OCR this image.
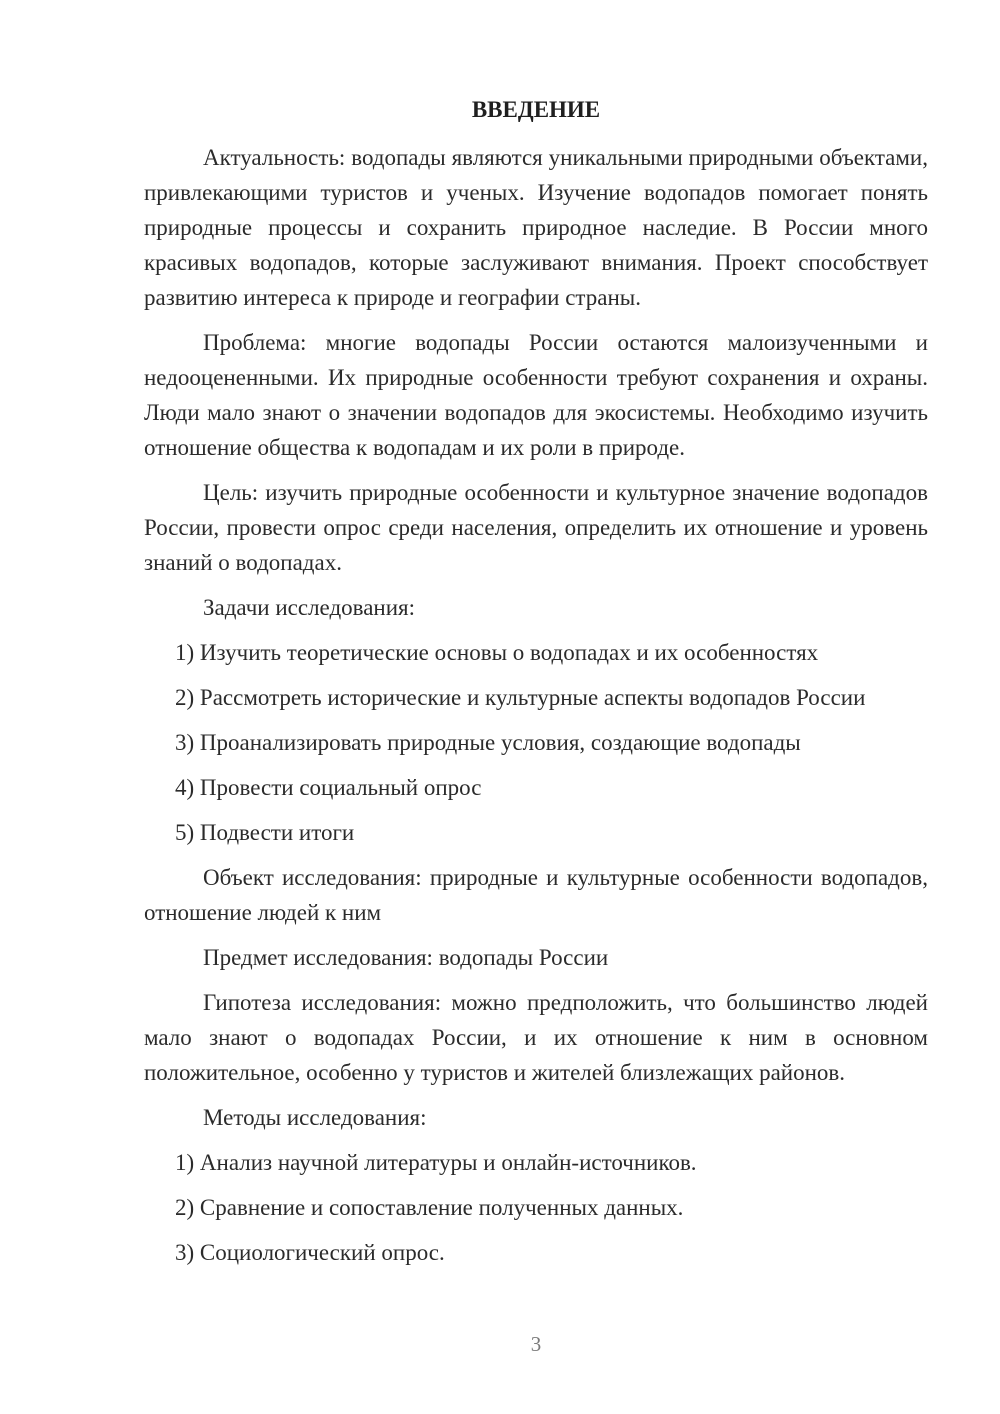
ВВЕДЕНИЕ

Актуальность: водопады являются уникальными природными объектами, привлекающими туристов и ученых. Изучение водопадов помогает понять природные процессы и сохранить природное наследие. В России много красивых водопадов, которые заслуживают внимания. Проект способствует развитию интереса к природе и географии страны.

Проблема: многие водопады России остаются малоизученными и недооцененными. Их природные особенности требуют сохранения и охраны. Люди мало знают о значении водопадов для экосистемы. Необходимо изучить отношение общества к водопадам и их роли в природе.

Цель: изучить природные особенности и культурное значение водопадов России, провести опрос среди населения, определить их отношение и уровень знаний о водопадах.

Задачи исследования:

1) Изучить теоретические основы о водопадах и их особенностях
2) Рассмотреть исторические и культурные аспекты водопадов России
3) Проанализировать природные условия, создающие водопады
4) Провести социальный опрос
5) Подвести итоги

Объект исследования: природные и культурные особенности водопадов, отношение людей к ним

Предмет исследования: водопады России

Гипотеза исследования: можно предположить, что большинство людей мало знают о водопадах России, и их отношение к ним в основном положительное, особенно у туристов и жителей близлежащих районов.

Методы исследования:

1) Анализ научной литературы и онлайн-источников.
2) Сравнение и сопоставление полученных данных.
3) Социологический опрос.
3
